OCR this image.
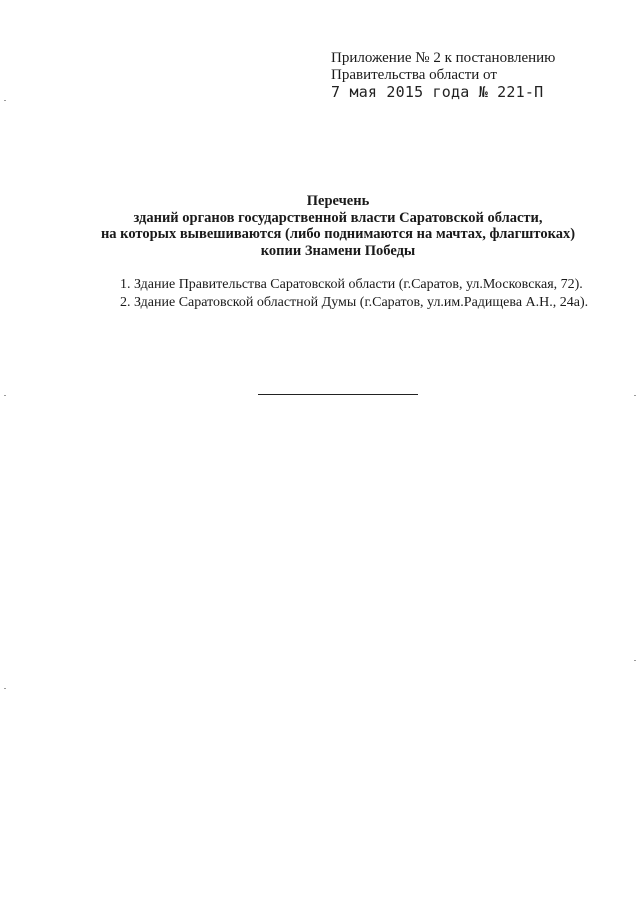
Приложение № 2 к постановлению
Правительства области от
7 мая 2015 года № 221-П
Перечень
зданий органов государственной власти Саратовской области,
на которых вывешиваются (либо поднимаются на мачтах, флагштоках)
копии Знамени Победы
1. Здание Правительства Саратовской области (г.Саратов, ул.Московская, 72).
2. Здание Саратовской областной Думы (г.Саратов, ул.им.Радищева А.Н., 24а).
